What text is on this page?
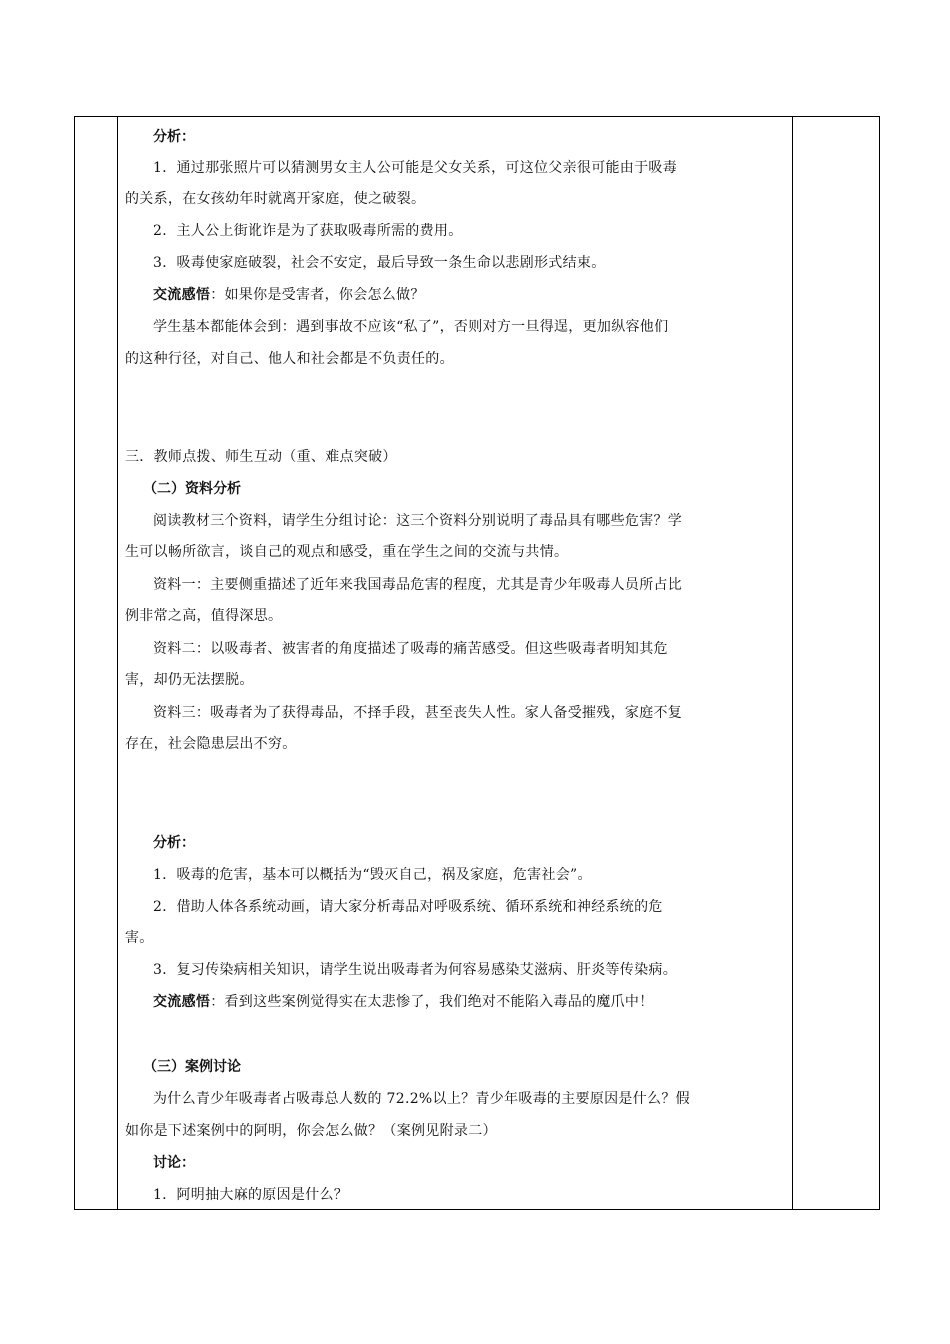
分析：
1．通过那张照片可以猜测男女主人公可能是父女关系，可这位父亲很可能由于吸毒
的关系，在女孩幼年时就离开家庭，使之破裂。
2．主人公上街讹诈是为了获取吸毒所需的费用。
3．吸毒使家庭破裂，社会不安定，最后导致一条生命以悲剧形式结束。
交流感悟：如果你是受害者，你会怎么做？
学生基本都能体会到：遇到事故不应该“私了”，否则对方一旦得逞，更加纵容他们
的这种行径，对自己、他人和社会都是不负责任的。
三．教师点拨、师生互动（重、难点突破）
（二）资料分析
阅读教材三个资料，请学生分组讨论：这三个资料分别说明了毒品具有哪些危害？学
生可以畅所欲言，谈自己的观点和感受，重在学生之间的交流与共情。
资料一：主要侧重描述了近年来我国毒品危害的程度，尤其是青少年吸毒人员所占比
例非常之高，值得深思。
资料二：以吸毒者、被害者的角度描述了吸毒的痛苦感受。但这些吸毒者明知其危
害，却仍无法摆脱。
资料三：吸毒者为了获得毒品，不择手段，甚至丧失人性。家人备受摧残，家庭不复
存在，社会隐患层出不穷。
分析：
1．吸毒的危害，基本可以概括为“毁灭自己，祸及家庭，危害社会”。
2．借助人体各系统动画，请大家分析毒品对呼吸系统、循环系统和神经系统的危
害。
3．复习传染病相关知识，请学生说出吸毒者为何容易感染艾滋病、肝炎等传染病。
交流感悟：看到这些案例觉得实在太悲惨了，我们绝对不能陷入毒品的魔爪中！
（三）案例讨论
为什么青少年吸毒者占吸毒总人数的 72.2%以上？青少年吸毒的主要原因是什么？假
如你是下述案例中的阿明，你会怎么做？（案例见附录二）
讨论：
1．阿明抽大麻的原因是什么？
